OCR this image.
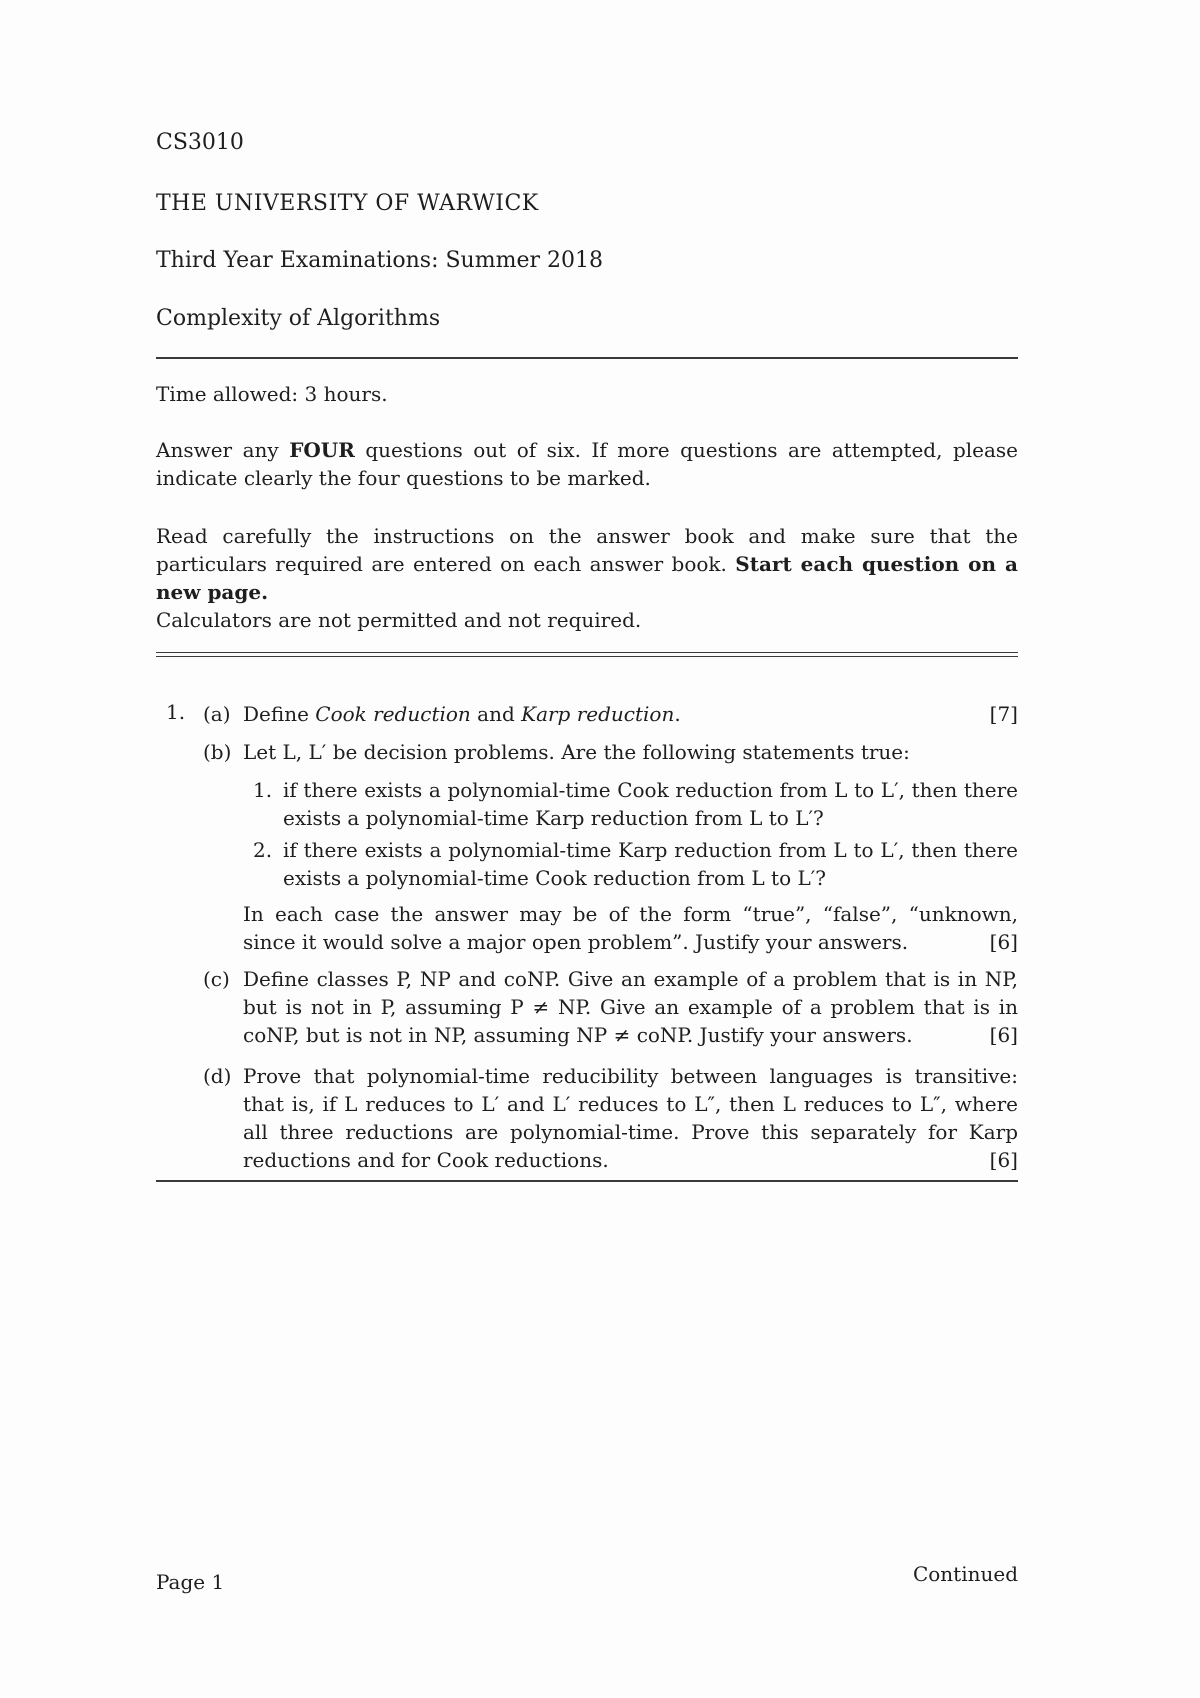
CS3010
THE UNIVERSITY OF WARWICK
Third Year Examinations: Summer 2018
Complexity of Algorithms
Time allowed: 3 hours.
Answer any FOUR questions out of six. If more questions are attempted, please indicate clearly the four questions to be marked.
Read carefully the instructions on the answer book and make sure that the particulars required are entered on each answer book. Start each question on a new page.
Calculators are not permitted and not required.
1. (a)	[7]
Define Cook reduction and Karp reduction.
(b) Let L, L′ be decision problems. Are the following statements true:
1. if there exists a polynomial-time Cook reduction from L to L′, then there exists a polynomial-time Karp reduction from L to L′?
2. if there exists a polynomial-time Karp reduction from L to L′, then there exists a polynomial-time Cook reduction from L to L′?
In each case the answer may be of the form “true”, “false”, “unknown, since it would solve a major open problem”. Justify your answers.	[6]
(c) Define classes P, NP and coNP. Give an example of a problem that is in NP, but is not in P, assuming P ≠ NP. Give an example of a problem that is in coNP, but is not in NP, assuming NP ≠ coNP. Justify your answers.	[6]
(d) Prove that polynomial-time reducibility between languages is transitive: that is, if L reduces to L′ and L′ reduces to L″, then L reduces to L″, where all three reductions are polynomial-time. Prove this separately for Karp reductions and for Cook reductions.	[6]
Page 1	Continued
